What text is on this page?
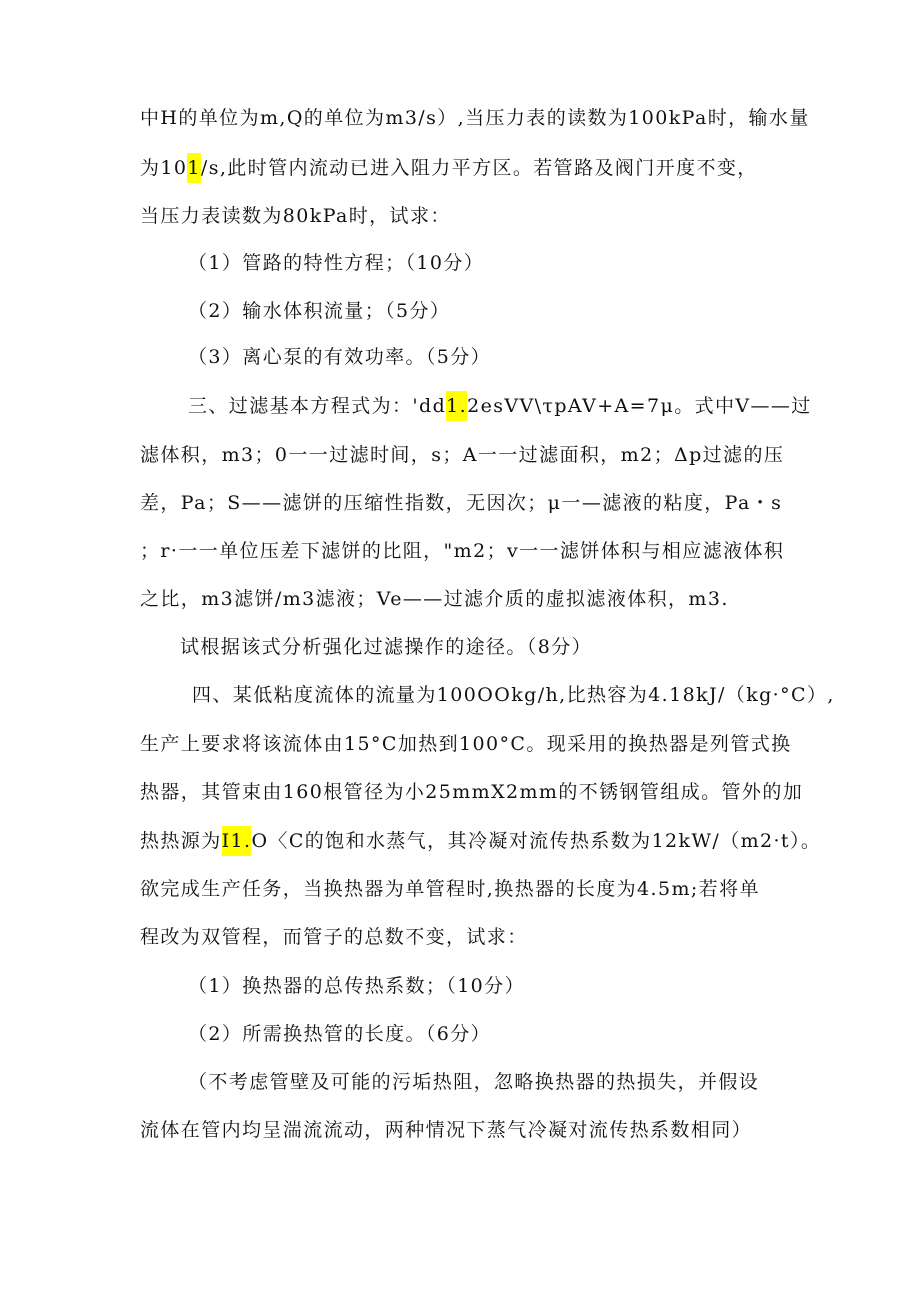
中H的单位为m,Q的单位为m3∕s）,当压力表的读数为100kPa时，输水量
为101∕s,此时管内流动已进入阻力平方区。若管路及阀门开度不变，
当压力表读数为80kPa时，试求：
（1）管路的特性方程；（10分）
（2）输水体积流量；（5分）
（3）离心泵的有效功率。（5分）
三、过滤基本方程式为：'dd1.2esVV\τpAV+A=7μ。式中V——过
滤体积，m3；0一一过滤时间，s；A一一过滤面积，m2；Δp过滤的压
差，Pa；S——滤饼的压缩性指数，无因次；μ一—滤液的粘度，Pa・s
；r·一一单位压差下滤饼的比阻，"m2；v一一滤饼体积与相应滤液体积
之比，m3滤饼/m3滤液；Ve——过滤介质的虚拟滤液体积，m3.
试根据该式分析强化过滤操作的途径。（8分）
四、某低粘度流体的流量为100OOkg/h,比热容为4.18kJ∕（kg·°C）,
生产上要求将该流体由15°C加热到100°C。现采用的换热器是列管式换
热器，其管束由160根管径为小25mmX2mm的不锈钢管组成。管外的加
热热源为I1.O〈C的饱和水蒸气，其冷凝对流传热系数为12kW/（m2·t）。
欲完成生产任务，当换热器为单管程时,换热器的长度为4.5m;若将单
程改为双管程，而管子的总数不变，试求：
（1）换热器的总传热系数；（10分）
（2）所需换热管的长度。（6分）
（不考虑管壁及可能的污垢热阻，忽略换热器的热损失，并假设
流体在管内均呈湍流流动，两种情况下蒸气冷凝对流传热系数相同）
